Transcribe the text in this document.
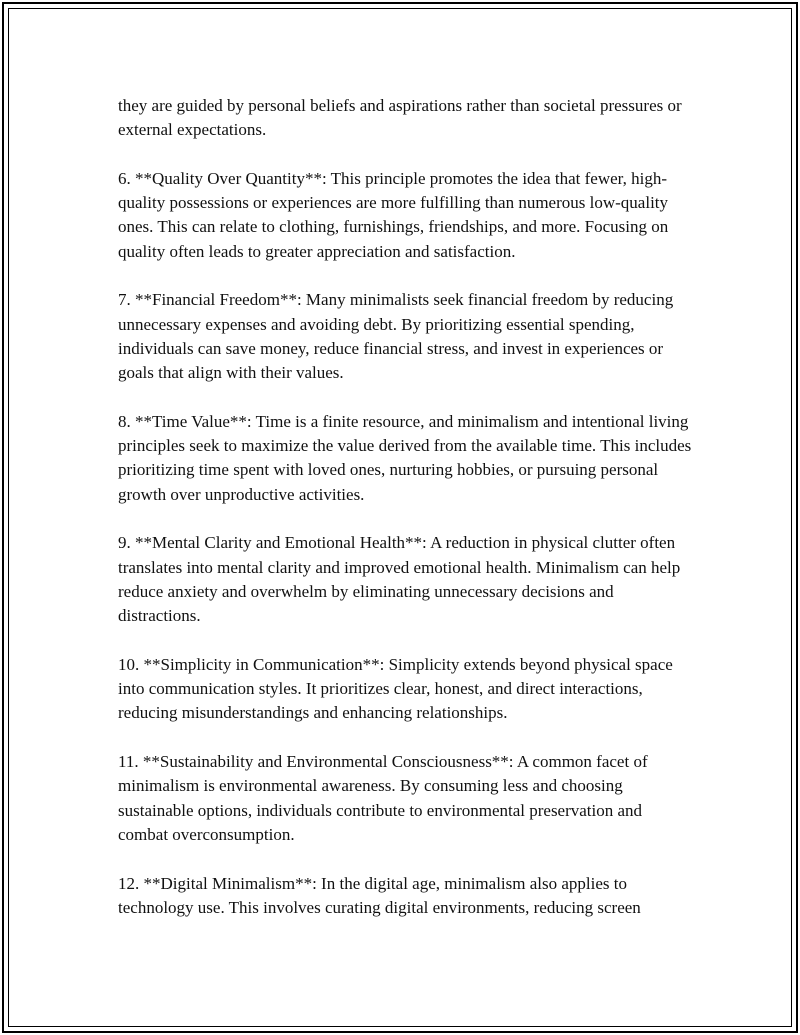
they are guided by personal beliefs and aspirations rather than societal pressures or external expectations.

6. **Quality Over Quantity**: This principle promotes the idea that fewer, high-quality possessions or experiences are more fulfilling than numerous low-quality ones. This can relate to clothing, furnishings, friendships, and more. Focusing on quality often leads to greater appreciation and satisfaction.

7. **Financial Freedom**: Many minimalists seek financial freedom by reducing unnecessary expenses and avoiding debt. By prioritizing essential spending, individuals can save money, reduce financial stress, and invest in experiences or goals that align with their values.

8. **Time Value**: Time is a finite resource, and minimalism and intentional living principles seek to maximize the value derived from the available time. This includes prioritizing time spent with loved ones, nurturing hobbies, or pursuing personal growth over unproductive activities.

9. **Mental Clarity and Emotional Health**: A reduction in physical clutter often translates into mental clarity and improved emotional health. Minimalism can help reduce anxiety and overwhelm by eliminating unnecessary decisions and distractions.

10. **Simplicity in Communication**: Simplicity extends beyond physical space into communication styles. It prioritizes clear, honest, and direct interactions, reducing misunderstandings and enhancing relationships.

11. **Sustainability and Environmental Consciousness**: A common facet of minimalism is environmental awareness. By consuming less and choosing sustainable options, individuals contribute to environmental preservation and combat overconsumption.

12. **Digital Minimalism**: In the digital age, minimalism also applies to technology use. This involves curating digital environments, reducing screen
